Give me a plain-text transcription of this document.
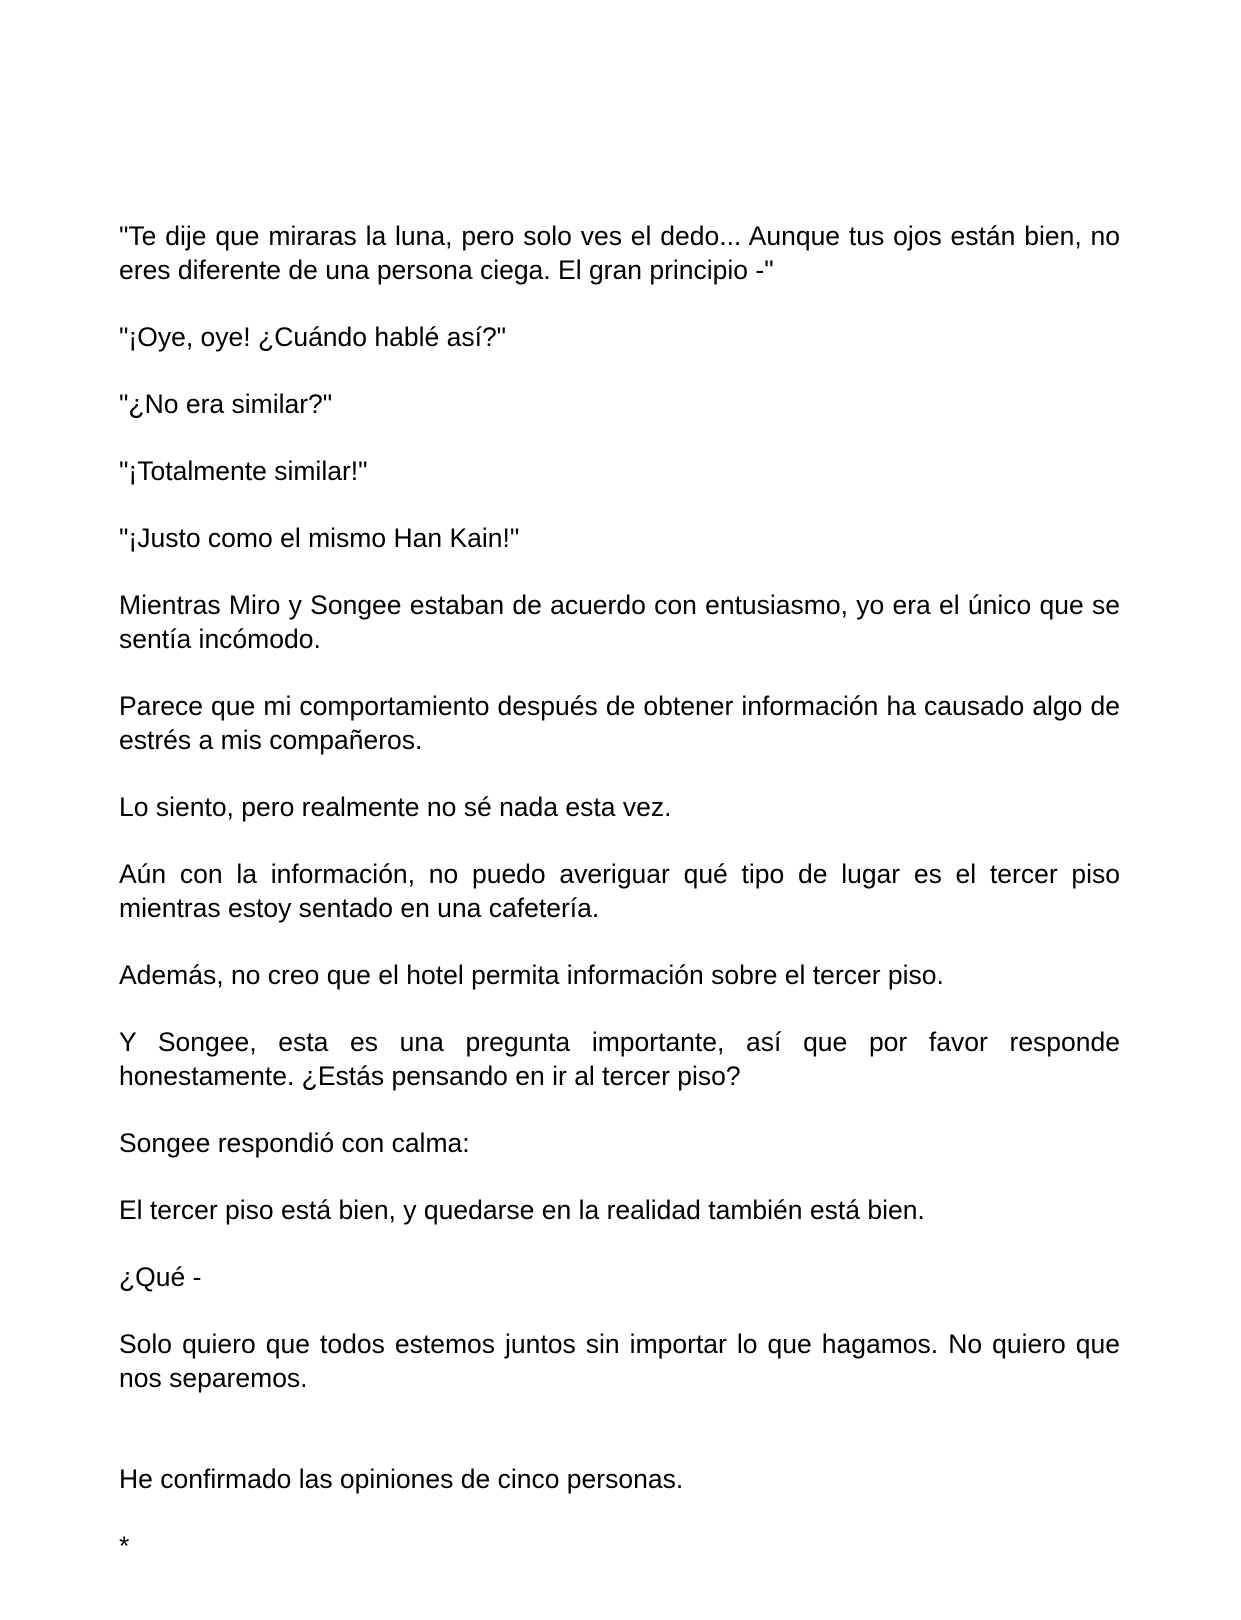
"Te dije que miraras la luna, pero solo ves el dedo... Aunque tus ojos están bien, no eres diferente de una persona ciega. El gran principio -"

"¡Oye, oye! ¿Cuándo hablé así?"

"¿No era similar?"

"¡Totalmente similar!"

"¡Justo como el mismo Han Kain!"

Mientras Miro y Songee estaban de acuerdo con entusiasmo, yo era el único que se sentía incómodo.

Parece que mi comportamiento después de obtener información ha causado algo de estrés a mis compañeros.

Lo siento, pero realmente no sé nada esta vez.

Aún con la información, no puedo averiguar qué tipo de lugar es el tercer piso mientras estoy sentado en una cafetería.

Además, no creo que el hotel permita información sobre el tercer piso.

Y Songee, esta es una pregunta importante, así que por favor responde honestamente. ¿Estás pensando en ir al tercer piso?

Songee respondió con calma:

El tercer piso está bien, y quedarse en la realidad también está bien.

¿Qué -

Solo quiero que todos estemos juntos sin importar lo que hagamos. No quiero que nos separemos.

He confirmado las opiniones de cinco personas.

*
